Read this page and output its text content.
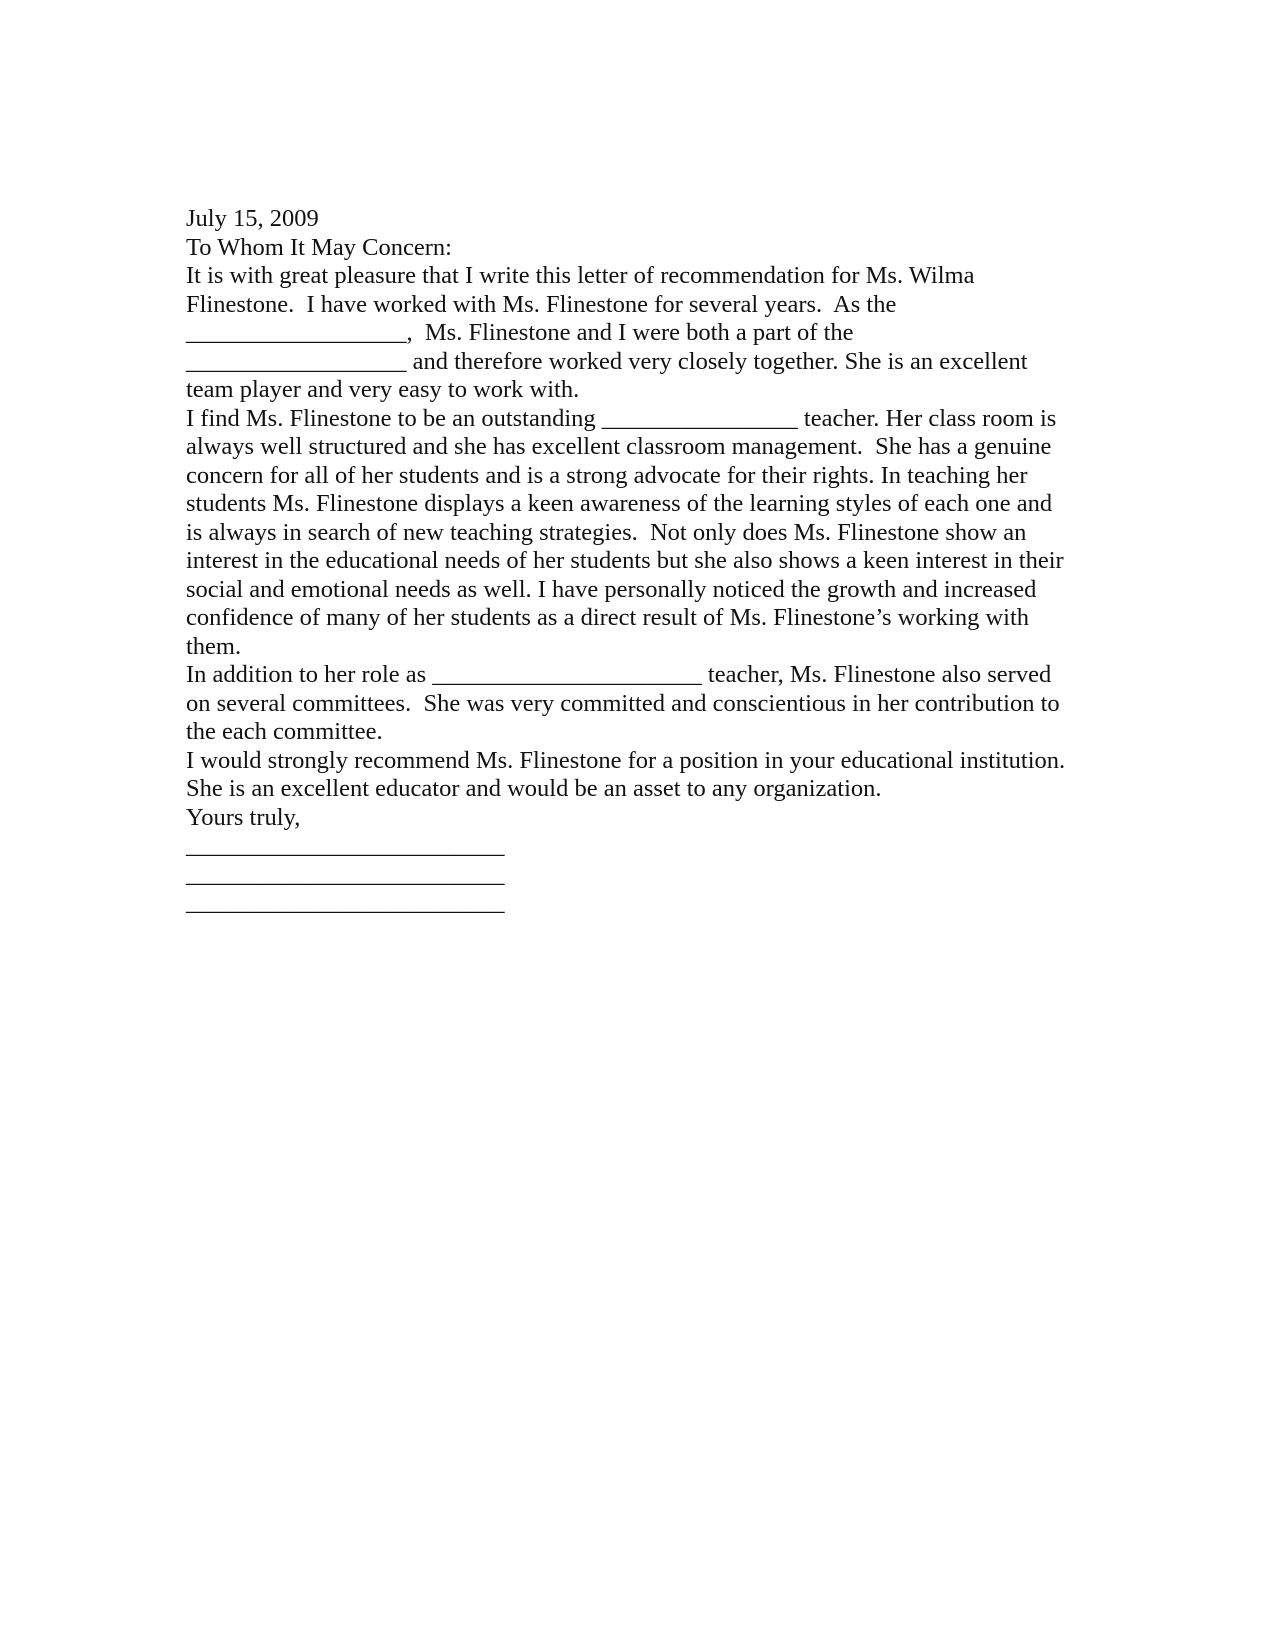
July 15, 2009

To Whom It May Concern:

It is with great pleasure that I write this letter of recommendation for Ms. Wilma
Flinestone.  I have worked with Ms. Flinestone for several years.  As the
__________________,  Ms. Flinestone and I were both a part of the
__________________ and therefore worked very closely together. She is an excellent
team player and very easy to work with.

I find Ms. Flinestone to be an outstanding ________________ teacher. Her class room is
always well structured and she has excellent classroom management.  She has a genuine
concern for all of her students and is a strong advocate for their rights. In teaching her
students Ms. Flinestone displays a keen awareness of the learning styles of each one and
is always in search of new teaching strategies.  Not only does Ms. Flinestone show an
interest in the educational needs of her students but she also shows a keen interest in their
social and emotional needs as well. I have personally noticed the growth and increased
confidence of many of her students as a direct result of Ms. Flinestone’s working with
them.

In addition to her role as ______________________ teacher, Ms. Flinestone also served
on several committees.  She was very committed and conscientious in her contribution to
the each committee.

I would strongly recommend Ms. Flinestone for a position in your educational institution.
She is an excellent educator and would be an asset to any organization.

Yours truly,

__________________________
__________________________
__________________________
